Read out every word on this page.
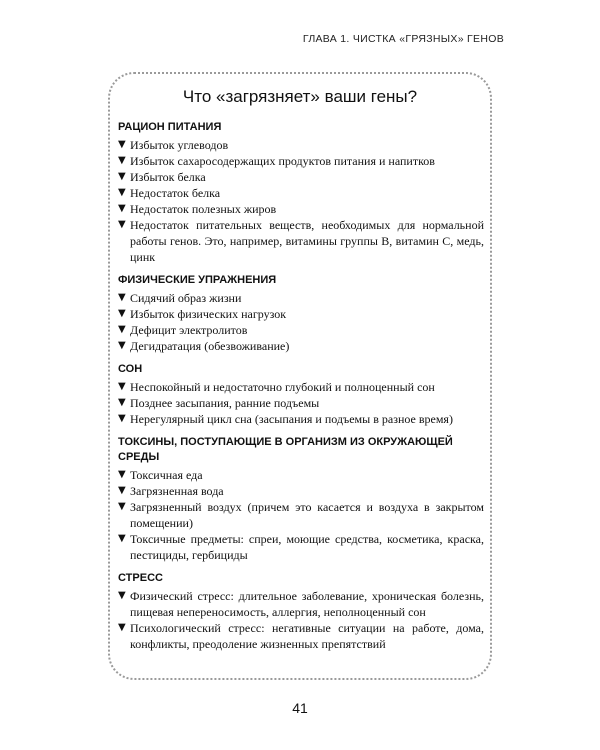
ГЛАВА 1. ЧИСТКА «ГРЯЗНЫХ» ГЕНОВ
Что «загрязняет» ваши гены?
РАЦИОН ПИТАНИЯ
▼ Избыток углеводов
▼ Избыток сахаросодержащих продуктов питания и напитков
▼ Избыток белка
▼ Недостаток белка
▼ Недостаток полезных жиров
▼ Недостаток питательных веществ, необходимых для нормальной работы генов. Это, например, витамины группы B, витамин C, медь, цинк
ФИЗИЧЕСКИЕ УПРАЖНЕНИЯ
▼ Сидячий образ жизни
▼ Избыток физических нагрузок
▼ Дефицит электролитов
▼ Дегидратация (обезвоживание)
СОН
▼ Неспокойный и недостаточно глубокий и полноценный сон
▼ Позднее засыпания, ранние подъемы
▼ Нерегулярный цикл сна (засыпания и подъемы в разное время)
ТОКСИНЫ, ПОСТУПАЮЩИЕ В ОРГАНИЗМ ИЗ ОКРУЖАЮЩЕЙ СРЕДЫ
▼ Токсичная еда
▼ Загрязненная вода
▼ Загрязненный воздух (причем это касается и воздуха в закрытом помещении)
▼ Токсичные предметы: спреи, моющие средства, косметика, краска, пестициды, гербициды
СТРЕСС
▼ Физический стресс: длительное заболевание, хроническая болезнь, пищевая непереносимость, аллергия, неполноценный сон
▼ Психологический стресс: негативные ситуации на работе, дома, конфликты, преодоление жизненных препятствий
41
